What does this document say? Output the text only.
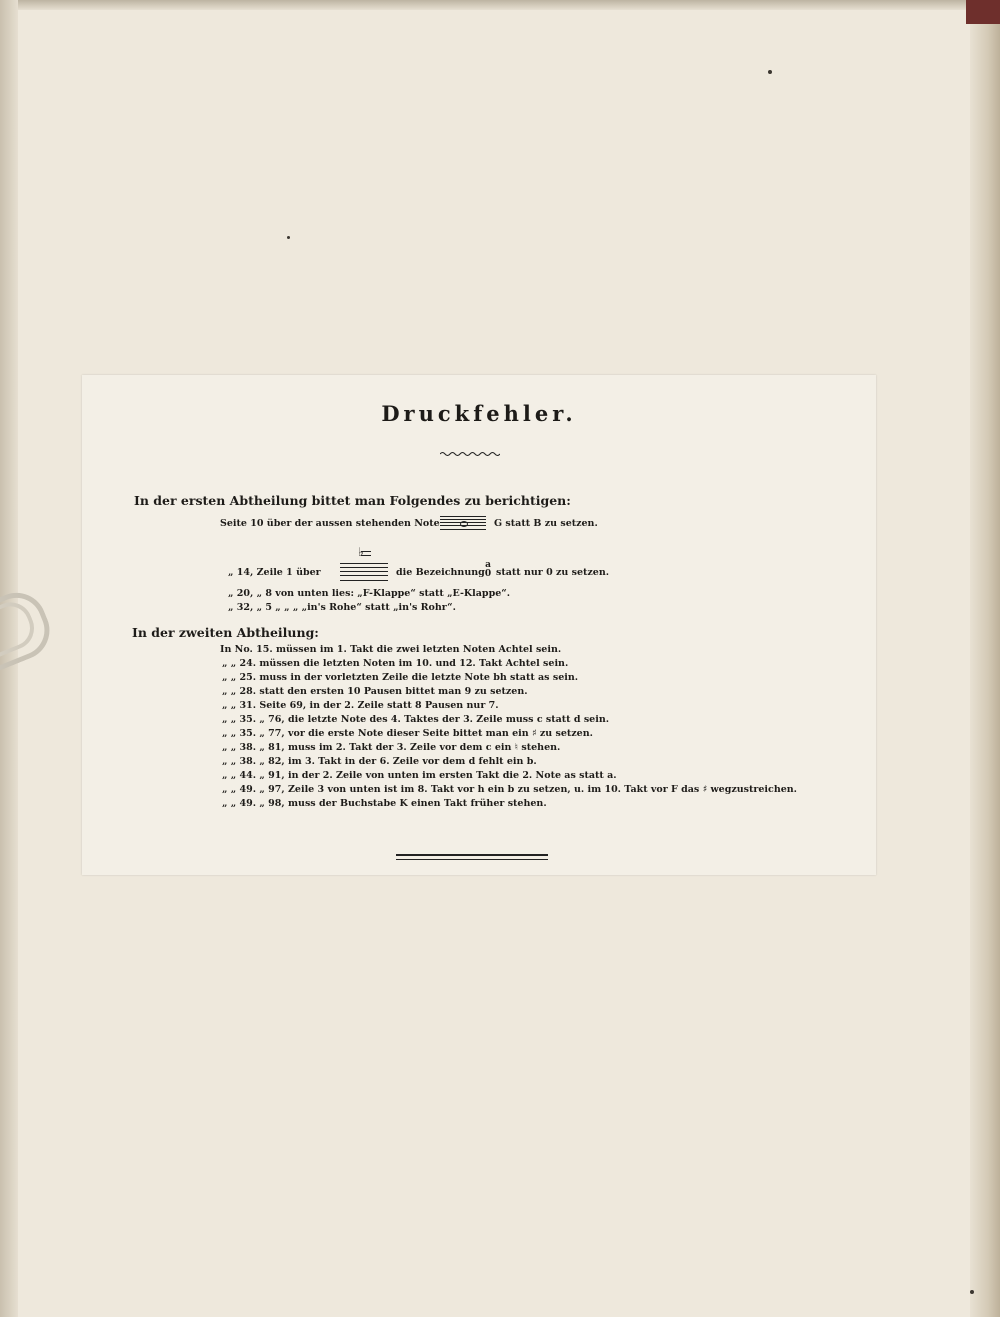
Druckfehler.
In der ersten Abtheilung bittet man Folgendes zu berichtigen:
Seite 10 über der aussen stehenden Note	G statt B zu setzen.
♭
„ 14, Zeile 1 über	die Bezeichnung
a
0 statt nur 0 zu setzen.
„ 20, „ 8 von unten lies: „F-Klappe“ statt „E-Klappe“.
„ 32, „ 5 „ „ „ „in's Rohe“ statt „in's Rohr“.
In der zweiten Abtheilung:
In No. 15. müssen im 1. Takt die zwei letzten Noten Achtel sein.
„ „ 24. müssen die letzten Noten im 10. und 12. Takt Achtel sein.
„ „ 25. muss in der vorletzten Zeile die letzte Note bh statt as sein.
„ „ 28. statt den ersten 10 Pausen bittet man 9 zu setzen.
„ „ 31. Seite 69, in der 2. Zeile statt 8 Pausen nur 7.
„ „ 35. „ 76, die letzte Note des 4. Taktes der 3. Zeile muss c statt d sein.
„ „ 35. „ 77, vor die erste Note dieser Seite bittet man ein ♯ zu setzen.
„ „ 38. „ 81, muss im 2. Takt der 3. Zeile vor dem c ein ♮ stehen.
„ „ 38. „ 82, im 3. Takt in der 6. Zeile vor dem d fehlt ein b.
„ „ 44. „ 91, in der 2. Zeile von unten im ersten Takt die 2. Note as statt a.
„ „ 49. „ 97, Zeile 3 von unten ist im 8. Takt vor h ein b zu setzen, u. im 10. Takt vor F das ♯ wegzustreichen.
„ „ 49. „ 98, muss der Buchstabe K einen Takt früher stehen.
